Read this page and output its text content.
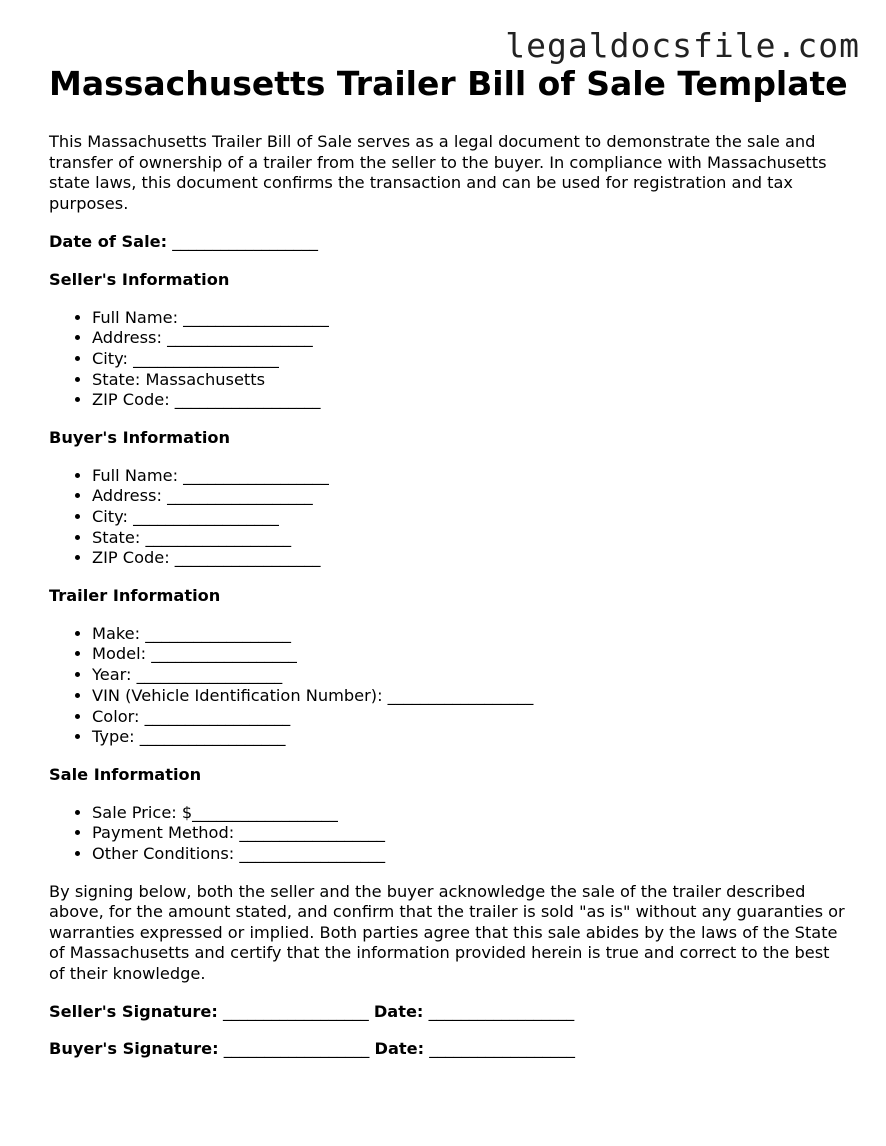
legaldocsfile.com
Massachusetts Trailer Bill of Sale Template

This Massachusetts Trailer Bill of Sale serves as a legal document to demonstrate the sale and transfer of ownership of a trailer from the seller to the buyer. In compliance with Massachusetts state laws, this document confirms the transaction and can be used for registration and tax purposes.

Date of Sale: __________________

Seller's Information
• Full Name: __________________
• Address: __________________
• City: __________________
• State: Massachusetts
• ZIP Code: __________________
Buyer's Information
• Full Name: __________________
• Address: __________________
• City: __________________
• State: __________________
• ZIP Code: __________________
Trailer Information
• Make: __________________
• Model: __________________
• Year: __________________
• VIN (Vehicle Identification Number): __________________
• Color: __________________
• Type: __________________
Sale Information
• Sale Price: $__________________
• Payment Method: __________________
• Other Conditions: __________________

By signing below, both the seller and the buyer acknowledge the sale of the trailer described above, for the amount stated, and confirm that the trailer is sold "as is" without any guaranties or warranties expressed or implied. Both parties agree that this sale abides by the laws of the State of Massachusetts and certify that the information provided herein is true and correct to the best of their knowledge.

Seller's Signature: __________________ Date: __________________

Buyer's Signature: __________________ Date: __________________
